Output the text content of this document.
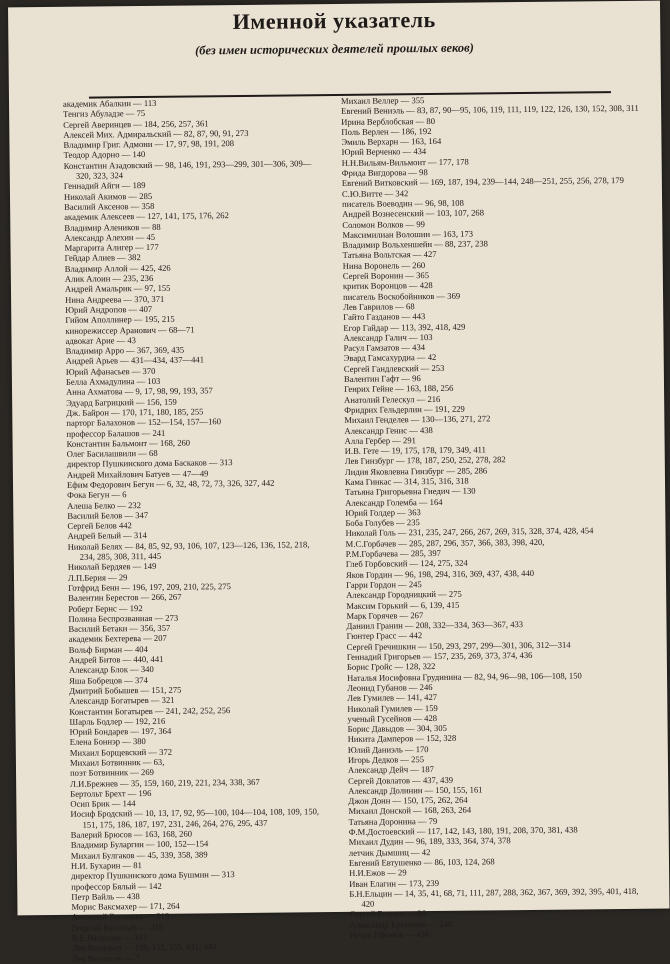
Именной указатель
(без имен исторических деятелей прошлых веков)
академик Абалкин — 113
Тенгиз Абуладзе — 75
Сергей Аверинцев — 184, 256, 257, 361
Алексей Мих. Адмиральский — 82, 87, 90, 91, 273
Владимир Григ. Адмони — 17, 97, 98, 191, 208
Теодор Адорно — 140
Константин Азадовский — 98, 146, 191, 293—299, 301—306, 309—320, 323, 324
Геннадий Айги — 189
Николай Акимов — 285
Василий Аксенов — 358
академик Алексеев — 127, 141, 175, 176, 262
Владимир Алеников — 88
Александр Алехин — 45
Маргарита Алигер — 177
Гейдар Алиев — 382
Владимир Аллой — 425, 426
Алик Алоин — 235, 236
Андрей Амальрик — 97, 155
Нина Андреева — 370, 371
Юрий Андропов — 407
Гийом Аполлинер — 195, 215
кинорежиссер Аранович — 68—71
адвокат Арие — 43
Владимир Арро — 367, 369, 435
Андрей Арьев — 431—434, 437—441
Юрий Афанасьев — 370
Белла Ахмадулина — 103
Анна Ахматова — 9, 17, 98, 99, 193, 357
Эдуард Багрицкий — 156, 159
Дж. Байрон — 170, 171, 180, 185, 255
парторг Балахонов — 152—154, 157—160
профессор Балашов — 241
Константин Бальмонт — 168, 260
Олег Басилашвили — 68
директор Пушкинского дома Баскаков — 313
Андрей Михайлович Батуев — 47—49
Ефим Федорович Бегун — 6, 32, 48, 72, 73, 326, 327, 442
Фока Бегун — 6
Алеша Белко — 232
Василий Белов — 347
Сергей Белов 442
Андрей Белый — 314
Николай Белях — 84, 85, 92, 93, 106, 107, 123—126, 136, 152, 218, 234, 285, 308, 311, 445
Николай Бердяев — 149
Л.П.Берия — 29
Готфрид Бенн — 196, 197, 209, 210, 225, 275
Валентин Берестов — 266, 267
Роберт Бернс — 192
Полина Беспрозванная — 273
Василий Бетаки — 356, 357
академик Бехтерева — 207
Вольф Бирман — 404
Андрей Битов — 440, 441
Александр Блок — 340
Яша Бобрецов — 374
Дмитрий Бобышев — 151, 275
Александр Богатырев — 321
Константин Богатырев — 241, 242, 252, 256
Шарль Бодлер — 192, 216
Юрий Бондарев — 197, 364
Елена Боннэр — 380
Михаил Борщевский — 372
Михаил Ботвинник — 63,
поэт Ботвинник — 269
Л.И.Брежнев — 35, 159, 160, 219, 221, 234, 338, 367
Бертольт Брехт — 196
Осип Брик — 144
Иосиф Бродский — 10, 13, 17, 92, 95—100, 104—104, 108, 109, 150, 151, 175, 186, 187, 197, 231, 246, 264, 276, 295, 437
Валерий Брюсов — 163, 168, 260
Владимир Буларгин — 100, 152—154
Михаил Булгаков — 45, 339, 358, 389
Н.И. Бухарин — 81
директор Пушкинского дома Бушмин — 313
профессор Бялый — 142
Петр Вайль — 438
Морис Ваксмахер — 171, 264
Анатолий Васильев — 213
Георгий Васильев — 218
В.Е.Васильев — 183
Лев Васильев — 109, 152, 155, 431, 440
Лев Велихсон — 7
Михаил Веллер — 355
Евгений Вениэль — 83, 87, 90—95, 106, 119, 111, 119, 122, 126, 130, 152, 308, 311
Ирина Верблобская — 80
Поль Верлен — 186, 192
Эмиль Верхарн — 163, 164
Юрий Верченко — 434
Н.Н.Вильям-Вильмонт — 177, 178
Фрида Вигдорова — 98
Евгений Витковский — 169, 187, 194, 239—144, 248—251, 255, 256, 278, 179
С.Ю.Витте — 342
писатель Воеводин — 96, 98, 108
Андрей Вознесенский — 103, 107, 268
Соломон Волков — 99
Максимилиан Волошин — 163, 173
Владимир Вольхеншейн — 88, 237, 238
Татьяна Вольтская — 427
Нина Воронель — 260
Сергей Воронин — 365
критик Воронцов — 428
писатель Воскобойников — 369
Лев Гаврилов — 68
Гайто Газданов — 443
Егор Гайдар — 113, 392, 418, 429
Александр Галич — 103
Расул Гамзатов — 434
Эвард Гамсахурдиа — 42
Сергей Гандлевский — 253
Валентин Гафт — 96
Генрих Гейне — 163, 188, 256
Анатолий Гелескул — 216
Фридрих Гельдерлин — 191, 229
Михаил Генделев — 130—136, 271, 272
Александр Генис — 438
Алла Гербер — 291
И.В. Гете — 19, 175, 178, 179, 349, 411
Лев Гинзбург — 178, 187, 250, 252, 278, 282
Лидия Яковлевна Гинзбург — 285, 286
Кама Гинкас — 314, 315, 316, 318
Татьяна Григорьевна Гнедич — 130
Александр Големба — 164
Юрий Голдер — 363
Боба Голубев — 235
Николай Голь — 231, 235, 247, 266, 267, 269, 315, 328, 374, 428, 454
М.С.Горбачев — 285, 287, 296, 357, 366, 383, 398, 420,
Р.М.Горбачева — 285, 397
Глеб Горбовский — 124, 275, 324
Яков Гордин — 96, 198, 294, 316, 369, 437, 438, 440
Гарри Гордон — 245
Александр Городницкий — 275
Максим Горький — 6, 139, 415
Марк Горячев — 267
Даниил Гранин — 208, 332—334, 363—367, 433
Гюнтер Грасс — 442
Сергей Гречишкин — 150, 293, 297, 299—301, 306, 312—314
Геннадий Григорьев — 157, 235, 269, 373, 374, 436
Борис Гройс — 128, 322
Наталья Иосифовна Грудинина — 82, 94, 96—98, 106—108, 150
Леонид Губанов — 246
Лев Гумилев — 141, 427
Николай Гумилев — 159
ученый Гусейнов — 428
Борис Давыдов — 304, 305
Никита Дамперов — 152, 328
Юлий Даниэль — 170
Игорь Дедков — 255
Александр Дейч — 187
Сергей Довлатов — 437, 439
Александр Долинин — 150, 155, 161
Джон Донн — 150, 175, 262, 264
Михаил Донской — 168, 263, 264
Татьяна Доронина — 79
Ф.М.Достоевский — 117, 142, 143, 180, 191, 208, 370, 381, 438
Михаил Дудин — 96, 189, 333, 364, 374, 378
летчик Дымшиц — 42
Евгений Евтушенко — 86, 103, 124, 268
Н.И.Ежов — 29
Иван Елагин — 173, 239
Б.Н.Ельцин — 14, 35, 41, 68, 71, 111, 287, 288, 362, 367, 369, 392, 395, 401, 418, 420
Сергей Есенин — 86
Александр Еременко — 248
Игорь Ефимов — 438
